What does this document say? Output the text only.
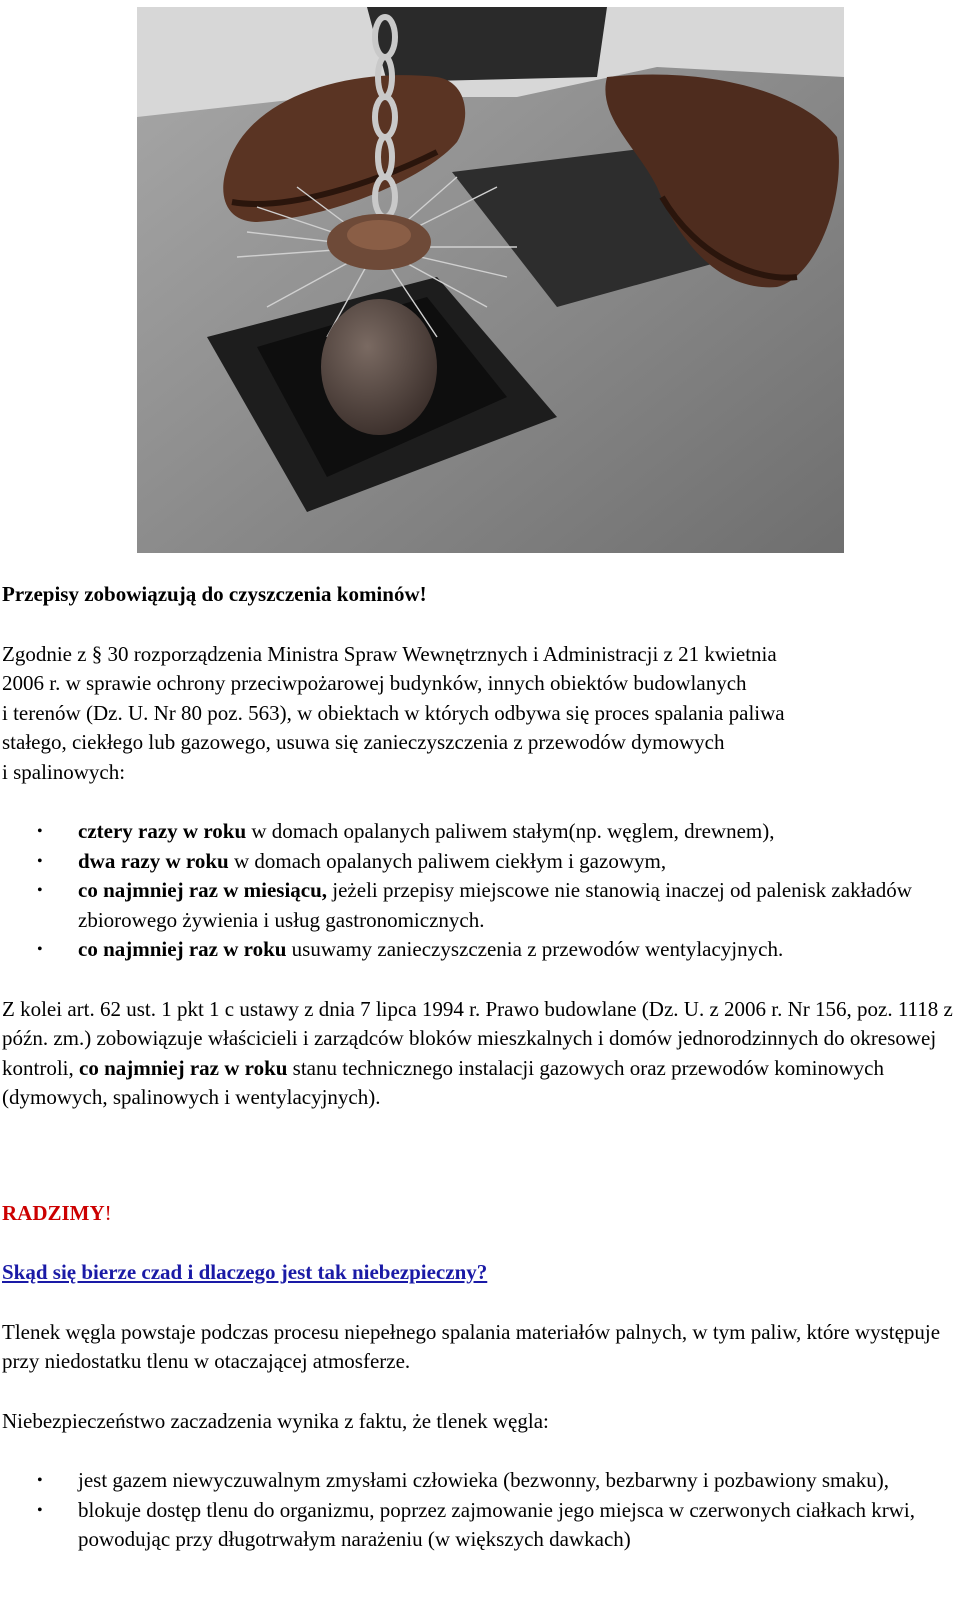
Przepisy zobowiązują do czyszczenia kominów!

Zgodnie z § 30 rozporządzenia Ministra Spraw Wewnętrznych i Administracji z 21 kwietnia
2006 r. w sprawie ochrony przeciwpożarowej budynków, innych obiektów budowlanych
i terenów (Dz. U. Nr 80 poz. 563), w obiektach w których odbywa się proces spalania paliwa
stałego, ciekłego lub gazowego, usuwa się zanieczyszczenia z przewodów dymowych
i spalinowych:

• cztery razy w roku w domach opalanych paliwem stałym(np. węglem, drewnem),
• dwa razy w roku w domach opalanych paliwem ciekłym i gazowym,
• co najmniej raz w miesiącu, jeżeli przepisy miejscowe nie stanowią inaczej od palenisk zakładów zbiorowego żywienia i usług gastronomicznych.
• co najmniej raz w roku usuwamy zanieczyszczenia z przewodów wentylacyjnych.

Z kolei art. 62 ust. 1 pkt 1 c ustawy z dnia 7 lipca 1994 r. Prawo budowlane (Dz. U. z 2006 r. Nr 156, poz. 1118 z późn. zm.) zobowiązuje właścicieli i zarządców bloków mieszkalnych i domów jednorodzinnych do okresowej kontroli, co najmniej raz w roku stanu technicznego instalacji gazowych oraz przewodów kominowych (dymowych, spalinowych i wentylacyjnych).

RADZIMY!

Skąd się bierze czad i dlaczego jest tak niebezpieczny?

Tlenek węgla powstaje podczas procesu niepełnego spalania materiałów palnych, w tym paliw, które występuje przy niedostatku tlenu w otaczającej atmosferze.

Niebezpieczeństwo zaczadzenia wynika z faktu, że tlenek węgla:

• jest gazem niewyczuwalnym zmysłami człowieka (bezwonny, bezbarwny i pozbawiony smaku),
• blokuje dostęp tlenu do organizmu, poprzez zajmowanie jego miejsca w czerwonych ciałkach krwi, powodując przy długotrwałym narażeniu (w większych dawkach)
